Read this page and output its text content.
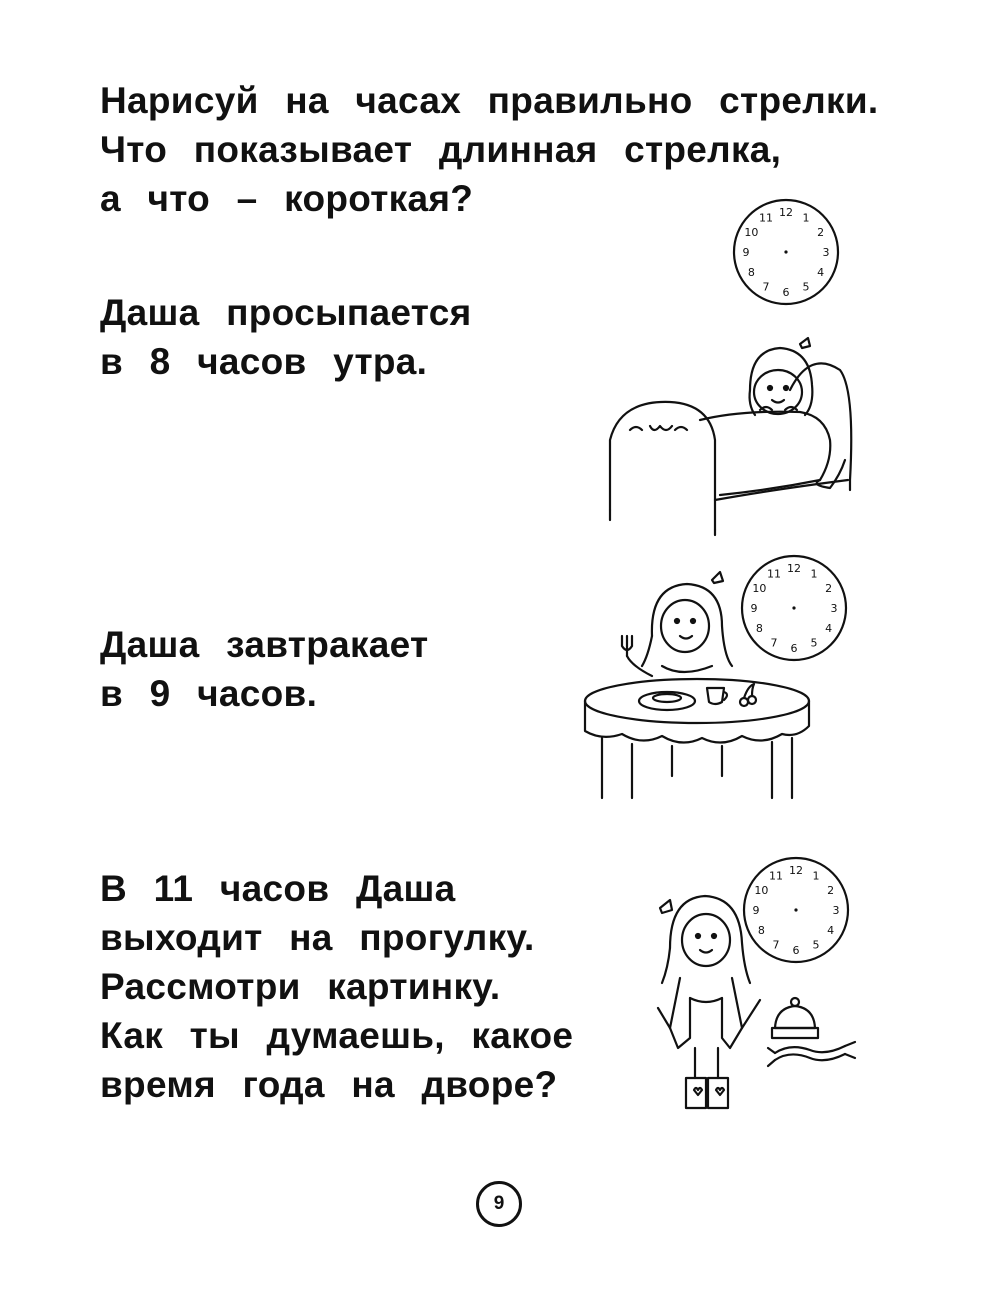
Нарисуй на часах правильно стрелки.
Что показывает длинная стрелка,
а что – короткая?
Даша просыпается
в 8 часов утра.
Даша завтракает
в 9 часов.
В 11 часов Даша
выходит на прогулку.
Рассмотри картинку.
Как ты думаешь, какое
время года на дворе?
12 1
2
3
4
5
6
7
8
9
10
11
12 1
2
3
4
5
6
7
8
9
10
11
12 1
2
3
4
5
6
7
8
9
10
11
9
